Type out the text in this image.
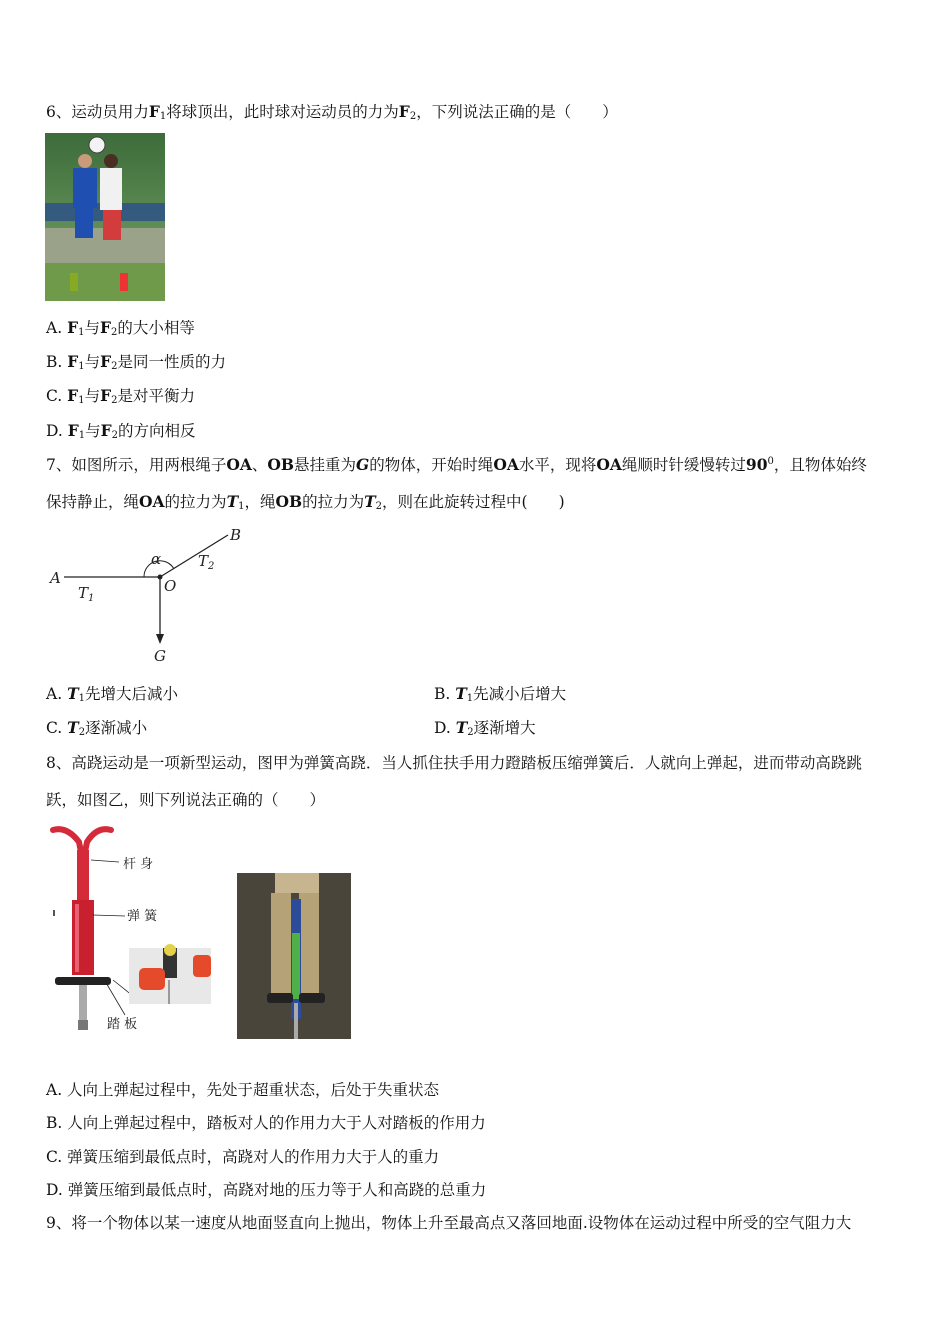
6、运动员用力$F_1$将球顶出，此时球对运动员的力为$F_2$，下列说法正确的是（　　）
A. $F_1$与$F_2$的大小相等
B. $F_1$与$F_2$是同一性质的力
C. $F_1$与$F_2$是对平衡力
D. $F_1$与$F_2$的方向相反
7、如图所示，用两根绳子OA、OB悬挂重为G的物体，开始时绳OA水平，现将OA绳顺时针缓慢转过$90^0$，且物体始终
保持静止，绳OA的拉力为$T_1$，绳OB的拉力为$T_2$，则在此旋转过程中(　　)
A
B
O
G
α
$T_1$
$T_2$
A. $T_1$先增大后减小	B. $T_1$先减小后增大
C. $T_2$逐渐减小	D. $T_2$逐渐增大
8、高跷运动是一项新型运动，图甲为弹簧高跷．当人抓住扶手用力蹬踏板压缩弹簧后．人就向上弹起，进而带动高跷跳
跃，如图乙，则下列说法正确的（　　）
杆 身
弹 簧
踏 板
A. 人向上弹起过程中，先处于超重状态，后处于失重状态
B. 人向上弹起过程中，踏板对人的作用力大于人对踏板的作用力
C. 弹簧压缩到最低点时，高跷对人的作用力大于人的重力
D. 弹簧压缩到最低点时，高跷对地的压力等于人和高跷的总重力
9、将一个物体以某一速度从地面竖直向上抛出，物体上升至最高点又落回地面.设物体在运动过程中所受的空气阻力大
